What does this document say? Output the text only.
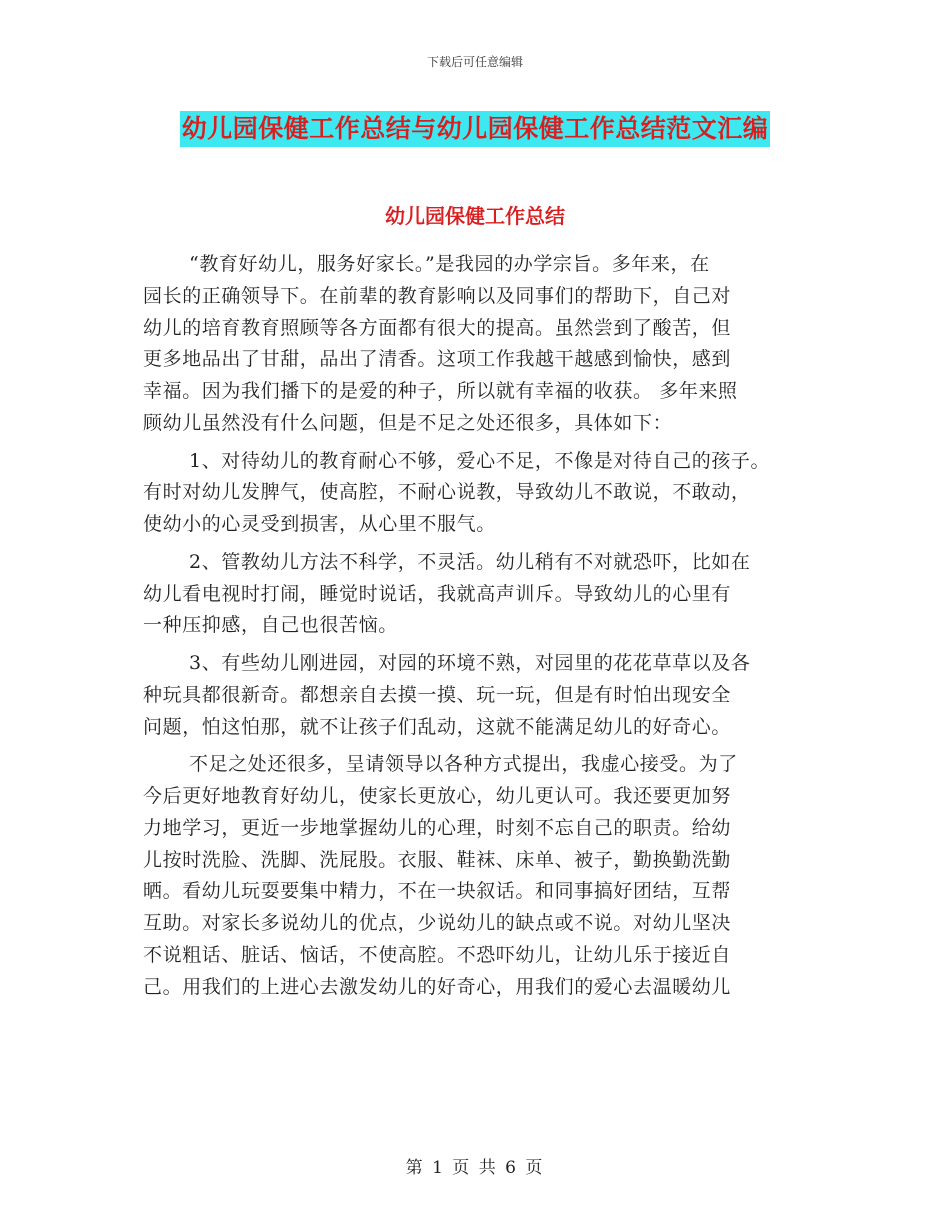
下载后可任意编辑
幼儿园保健工作总结与幼儿园保健工作总结范文汇编
幼儿园保健工作总结
“教育好幼儿，服务好家长。”是我园的办学宗旨。多年来，在
园长的正确领导下。在前辈的教育影响以及同事们的帮助下，自己对
幼儿的培育教育照顾等各方面都有很大的提高。虽然尝到了酸苦，但
更多地品出了甘甜，品出了清香。这项工作我越干越感到愉快，感到
幸福。因为我们播下的是爱的种子，所以就有幸福的收获。 多年来照
顾幼儿虽然没有什么问题，但是不足之处还很多，具体如下：
1、对待幼儿的教育耐心不够，爱心不足，不像是对待自己的孩子。
有时对幼儿发脾气，使高腔，不耐心说教，导致幼儿不敢说，不敢动，
使幼小的心灵受到损害，从心里不服气。
2、管教幼儿方法不科学，不灵活。幼儿稍有不对就恐吓，比如在
幼儿看电视时打闹，睡觉时说话，我就高声训斥。导致幼儿的心里有
一种压抑感，自己也很苦恼。
3、有些幼儿刚进园，对园的环境不熟，对园里的花花草草以及各
种玩具都很新奇。都想亲自去摸一摸、玩一玩，但是有时怕出现安全
问题，怕这怕那，就不让孩子们乱动，这就不能满足幼儿的好奇心。
不足之处还很多，呈请领导以各种方式提出，我虚心接受。为了
今后更好地教育好幼儿，使家长更放心，幼儿更认可。我还要更加努
力地学习，更近一步地掌握幼儿的心理，时刻不忘自己的职责。给幼
儿按时洗脸、洗脚、洗屁股。衣服、鞋袜、床单、被子，勤换勤洗勤
晒。看幼儿玩耍要集中精力，不在一块叙话。和同事搞好团结，互帮
互助。对家长多说幼儿的优点，少说幼儿的缺点或不说。对幼儿坚决
不说粗话、脏话、恼话，不使高腔。不恐吓幼儿，让幼儿乐于接近自
己。用我们的上进心去激发幼儿的好奇心，用我们的爱心去温暖幼儿
第 1 页 共 6 页
